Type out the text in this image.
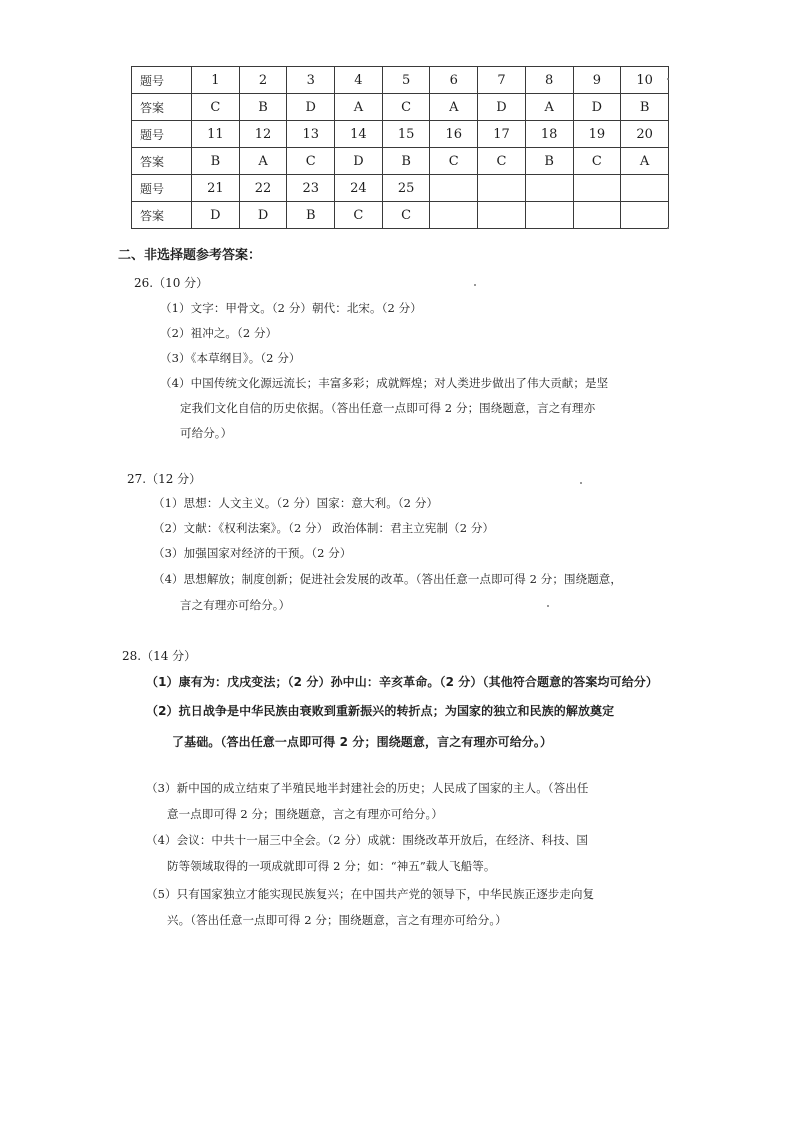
题号	1	2	3	4	5	6	7	8	9	10
答案	C	B	D	A	C	A	D	A	D	B
题号	11	12	13	14	15	16	17	18	19	20
答案	B	A	C	D	B	C	C	B	C	A
题号	21	22	23	24	25					
答案	D	D	B	C	C					
二、非选择题参考答案：
26.（10 分）
（1）文字：甲骨文。（2 分）朝代：北宋。（2 分）
（2）祖冲之。（2 分）
（3）《本草纲目》。（2 分）
（4）中国传统文化源远流长；丰富多彩；成就辉煌；对人类进步做出了伟大贡献；是坚
定我们文化自信的历史依据。（答出任意一点即可得 2 分；围绕题意，言之有理亦
可给分。）
27.（12 分）
（1）思想：人文主义。（2 分）国家：意大利。（2 分）
（2）文献：《权利法案》。（2 分） 政治体制：君主立宪制（2 分）
（3）加强国家对经济的干预。（2 分）
（4）思想解放；制度创新；促进社会发展的改革。（答出任意一点即可得 2 分；围绕题意，
言之有理亦可给分。）
28.（14 分）
（1）康有为：戊戌变法；（2 分）孙中山：辛亥革命。（2 分）（其他符合题意的答案均可给分）
（2）抗日战争是中华民族由衰败到重新振兴的转折点；为国家的独立和民族的解放奠定
了基础。（答出任意一点即可得 2 分；围绕题意，言之有理亦可给分。）
（3）新中国的成立结束了半殖民地半封建社会的历史；人民成了国家的主人。（答出任
意一点即可得 2 分；围绕题意，言之有理亦可给分。）
（4）会议：中共十一届三中全会。（2 分）成就：围绕改革开放后，在经济、科技、国
防等领域取得的一项成就即可得 2 分；如：“神五”载人飞船等。
（5）只有国家独立才能实现民族复兴；在中国共产党的领导下，中华民族正逐步走向复
兴。（答出任意一点即可得 2 分；围绕题意，言之有理亦可给分。）
